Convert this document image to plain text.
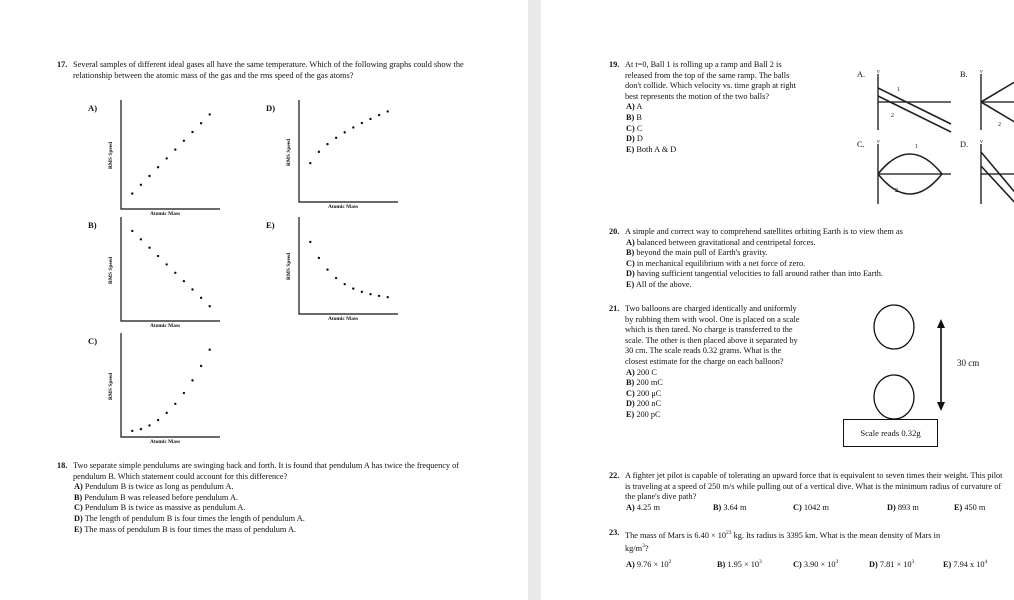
17. Several samples of different ideal gases all have the same temperature. Which of the following graphs could show the relationship between the atomic mass of the gas and the rms speed of the gas atoms?
A)
RMS Speed
Atomic Mass
B)
RMS Speed
Atomic Mass
C)
RMS Speed
Atomic Mass
D)
RMS Speed
Atomic Mass
E)
RMS Speed
Atomic Mass
18. Two separate simple pendulums are swinging back and forth. It is found that pendulum A has twice the frequency of pendulum B. Which statement could account for this difference?
A) Pendulum B is twice as long as pendulum A.
B) Pendulum B was released before pendulum A.
C) Pendulum B is twice as massive as pendulum A.
D) The length of pendulum B is four times the length of pendulum A.
E) The mass of pendulum B is four times the mass of pendulum A.
19. At t=0, Ball 1 is rolling up a ramp and Ball 2 is
released from the top of the same ramp. The balls
don't collide. Which velocity vs. time graph at right
best represents the motion of the two balls?
A) A
B) B
C) C
D) D
E) Both A & D
A.	B.
C.	D.
v	v
v	v
1
2
2
1
2
20. A simple and correct way to comprehend satellites orbiting Earth is to view them as
A) balanced between gravitational and centripetal forces.
B) beyond the main pull of Earth's gravity.
C) in mechanical equilibrium with a net force of zero.
D) having sufficient tangential velocities to fall around rather than into Earth.
E) All of the above.
21. Two balloons are charged identically and uniformly
by rubbing them with wool. One is placed on a scale
which is then tared. No charge is transferred to the
scale. The other is then placed above it separated by
30 cm. The scale reads 0.32 grams. What is the
closest estimate for the charge on each balloon?
A) 200 C
B) 200 mC
C) 200 μC
D) 200 nC
E) 200 pC
30 cm
Scale reads 0.32g
22. A fighter jet pilot is capable of tolerating an upward force that is equivalent to seven times their weight. This pilot is traveling at a speed of 250 m/s while pulling out of a vertical dive. What is the minimum radius of curvature of the plane's dive path?
A) 4.25 m	B) 3.64 m	C) 1042 m	D) 893 m	E) 450 m
23. The mass of Mars is $6.40 \times 10^{23}$ kg. Its radius is 3395 km. What is the mean density of Mars in
$kg/m^3$?
A) $9.76 \times 10^2$	B) $1.95 \times 10^3$	C) $3.90 \times 10^3$	D) $7.81 \times 10^3$	E) 7.94 x $10^4$
